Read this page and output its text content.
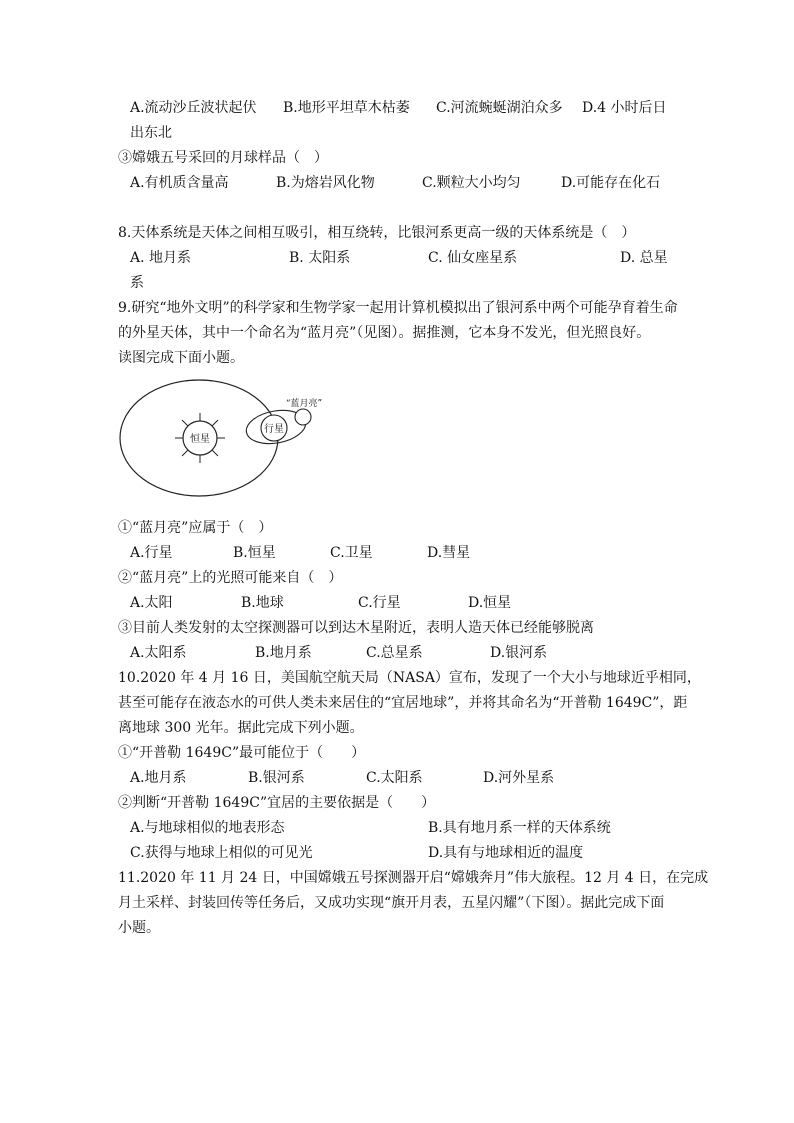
A.流动沙丘波状起伏 B.地形平坦草木枯萎 C.河流蜿蜒湖泊众多 D.4 小时后日
出东北
③嫦娥五号采回的月球样品（　）
A.有机质含量高	B.为熔岩风化物	C.颗粒大小均匀	D.可能存在化石
8.天体系统是天体之间相互吸引，相互绕转，比银河系更高一级的天体系统是（　）
A. 地月系	B. 太阳系	C. 仙女座星系	D. 总星
系
9.研究“地外文明”的科学家和生物学家一起用计算机模拟出了银河系中两个可能孕育着生命
的外星天体，其中一个命名为“蓝月亮”（见图）。据推测，它本身不发光，但光照良好。
读图完成下面小题。
恒星
行星
“蓝月亮”
①“蓝月亮”应属于（　）
A.行星	B.恒星	C.卫星	D.彗星
②“蓝月亮”上的光照可能来自（　）
A.太阳	B.地球	C.行星	D.恒星
③目前人类发射的太空探测器可以到达木星附近，表明人造天体已经能够脱离
A.太阳系	B.地月系	C.总星系	D.银河系
10.2020 年 4 月 16 日，美国航空航天局（NASA）宣布，发现了一个大小与地球近乎相同，
甚至可能存在液态水的可供人类未来居住的“宜居地球”，并将其命名为“开普勒 1649C”，距
离地球 300 光年。据此完成下列小题。
①“开普勒 1649C”最可能位于（　　）
A.地月系	B.银河系	C.太阳系	D.河外星系
②判断“开普勒 1649C”宜居的主要依据是（　　）
A.与地球相似的地表形态	B.具有地月系一样的天体系统
C.获得与地球上相似的可见光	D.具有与地球相近的温度
11.2020 年 11 月 24 日，中国嫦娥五号探测器开启“嫦娥奔月”伟大旅程。12 月 4 日，在完成
月土采样、封装回传等任务后，又成功实现“旗开月表，五星闪耀”（下图）。据此完成下面
小题。
